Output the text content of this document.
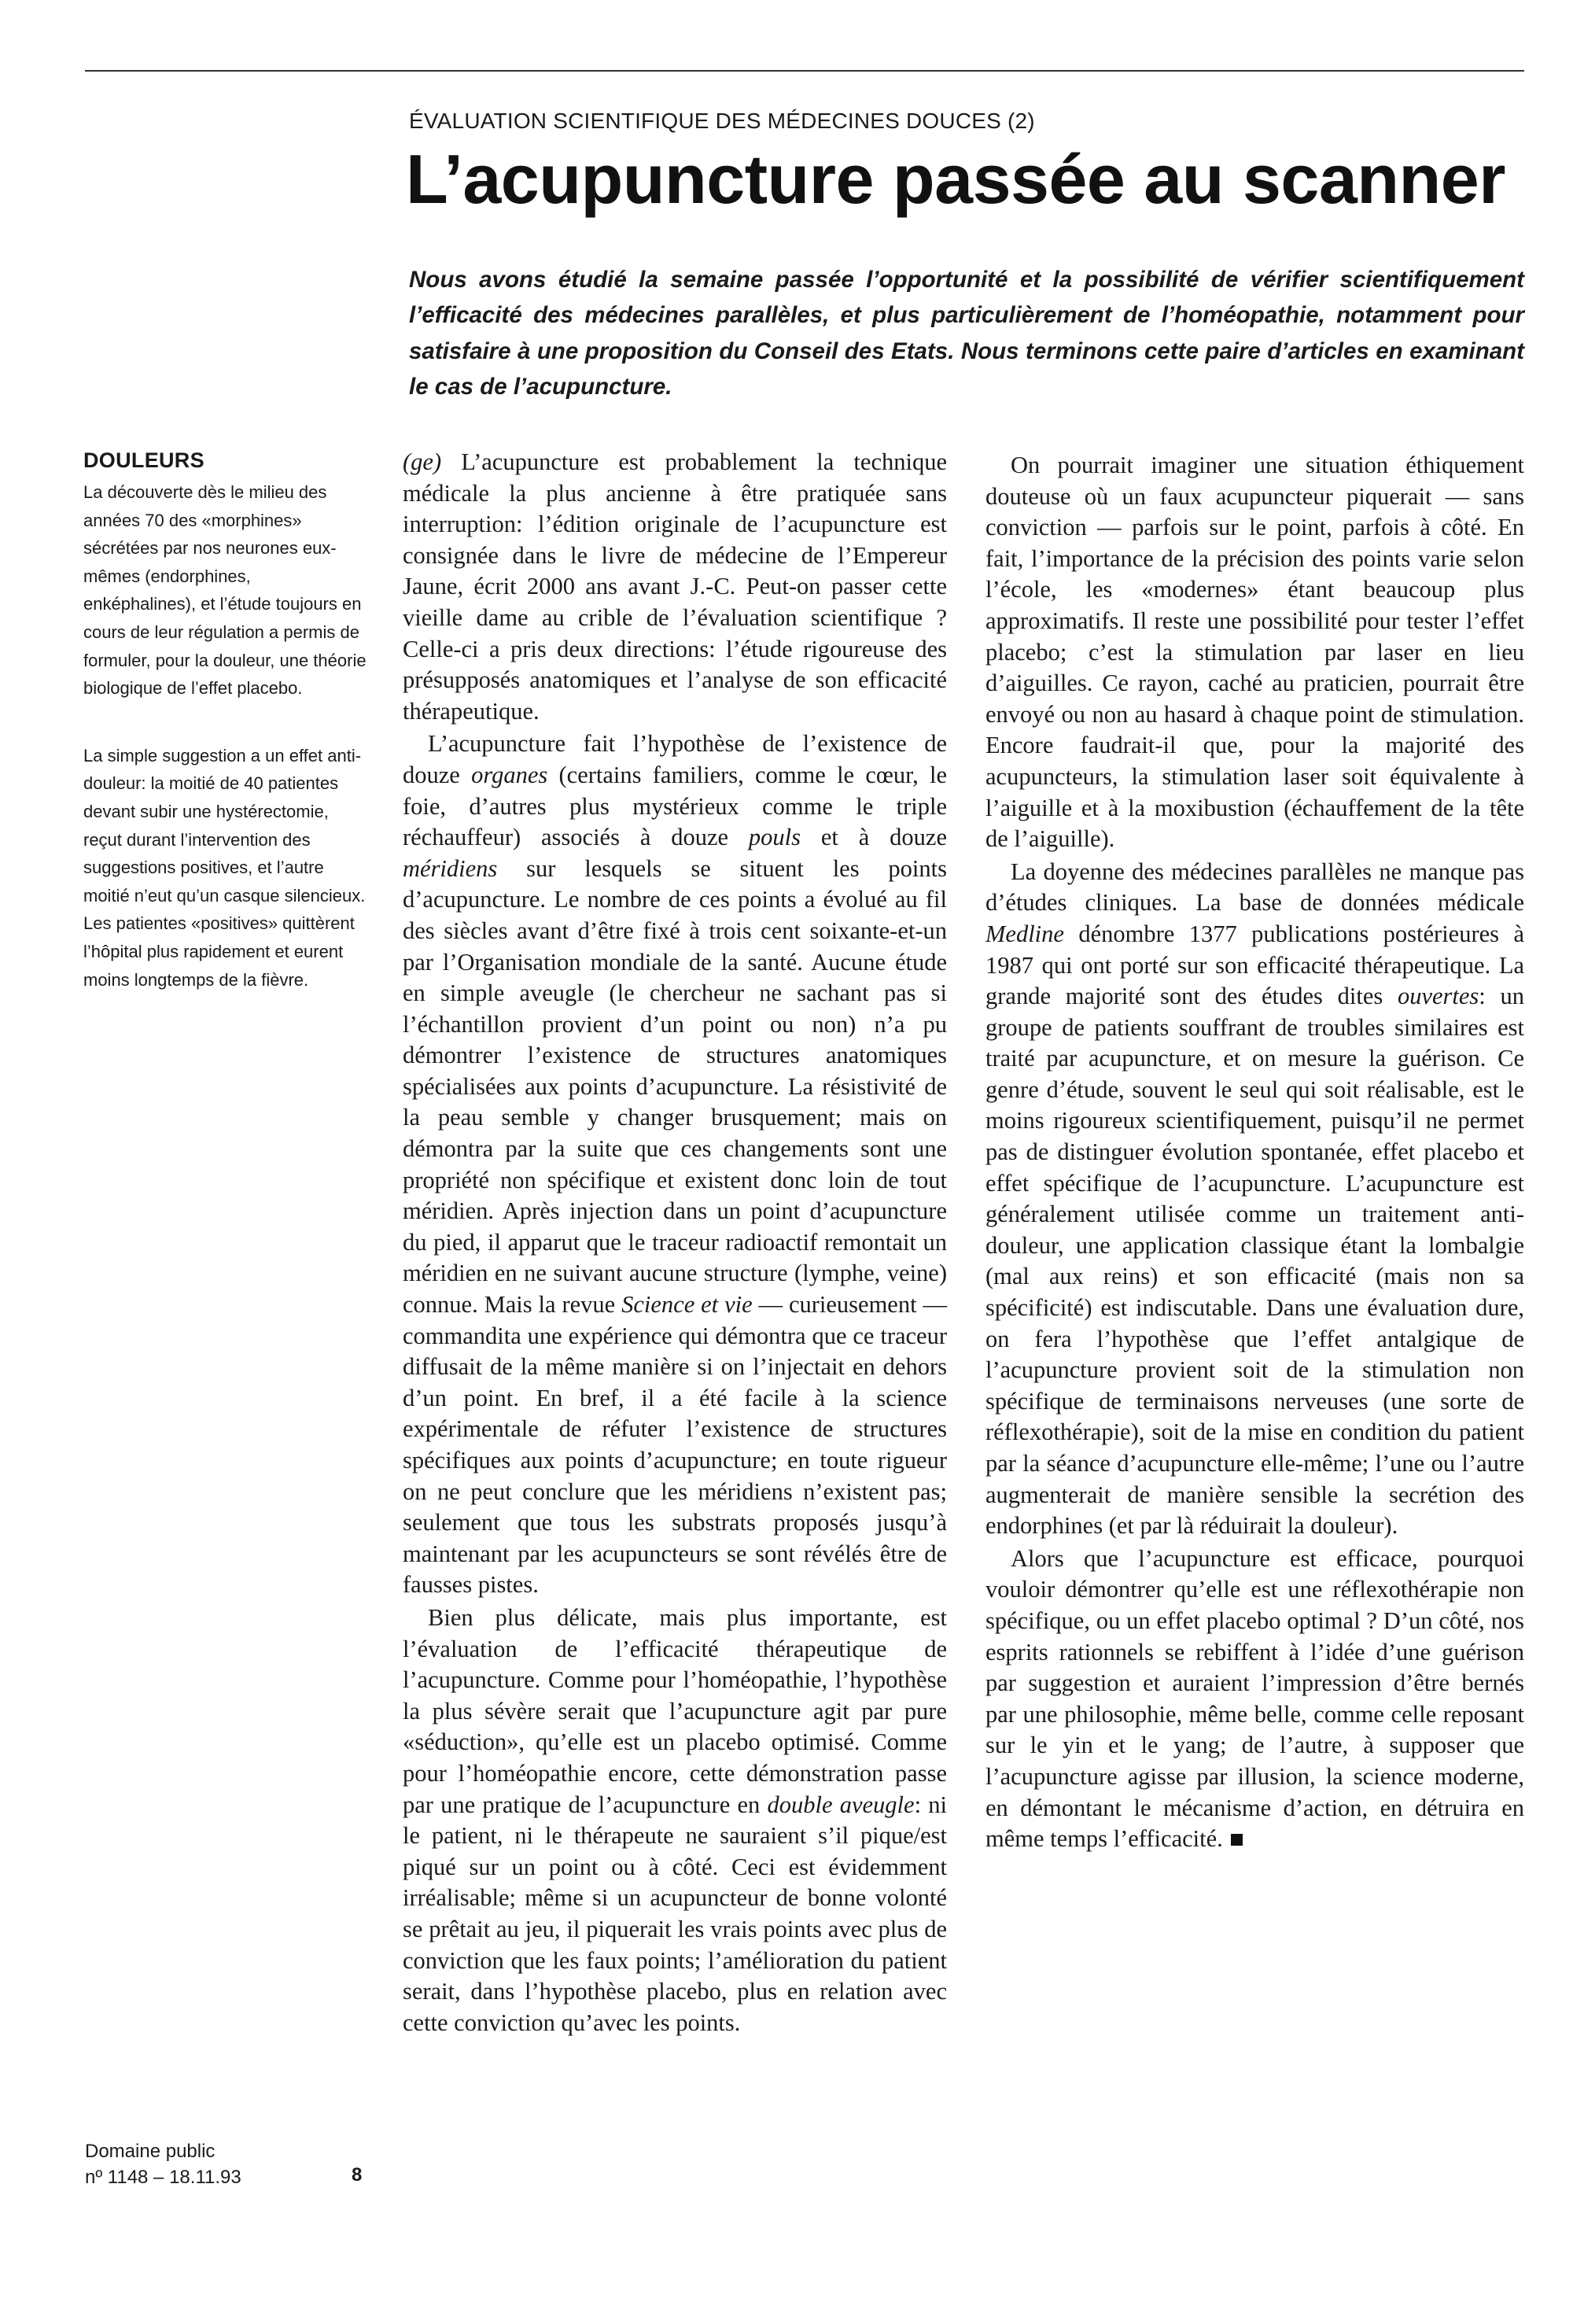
ÉVALUATION SCIENTIFIQUE DES MÉDECINES DOUCES (2)
L’acupuncture passée au scanner

Nous avons étudié la semaine passée l’opportunité et la possibilité de vérifier scientifiquement l’efficacité des médecines parallèles, et plus particulièrement de l’homéopathie, notamment pour satisfaire à une proposition du Conseil des Etats. Nous terminons cette paire d’articles en examinant le cas de l’acupuncture.

DOULEURS

La découverte dès le milieu des années 70 des «morphines» sécrétées par nos neurones eux-mêmes (endorphines, enképhalines), et l’étude toujours en cours de leur régulation a permis de formuler, pour la douleur, une théorie biologique de l’effet placebo.

La simple suggestion a un effet anti-douleur: la moitié de 40 patientes devant subir une hystérectomie, reçut durant l’intervention des suggestions positives, et l’autre moitié n’eut qu’un casque silencieux. Les patientes «positives» quittèrent l’hôpital plus rapidement et eurent moins longtemps de la fièvre.

Domaine public
nº 1148 – 18.11.93	8

(ge) L’acupuncture est probablement la technique médicale la plus ancienne à être pratiquée sans interruption: l’édition originale de l’acupuncture est consignée dans le livre de médecine de l’Empereur Jaune, écrit 2000 ans avant J.-C. Peut-on passer cette vieille dame au crible de l’évaluation scientifique ? Celle-ci a pris deux directions: l’étude rigoureuse des présupposés anatomiques et l’analyse de son efficacité thérapeutique.

L’acupuncture fait l’hypothèse de l’existence de douze organes (certains familiers, comme le cœur, le foie, d’autres plus mystérieux comme le triple réchauffeur) associés à douze pouls et à douze méridiens sur lesquels se situent les points d’acupuncture. Le nombre de ces points a évolué au fil des siècles avant d’être fixé à trois cent soixante-et-un par l’Organisation mondiale de la santé. Aucune étude en simple aveugle (le chercheur ne sachant pas si l’échantillon provient d’un point ou non) n’a pu démontrer l’existence de structures anatomiques spécialisées aux points d’acupuncture. La résistivité de la peau semble y changer brusquement; mais on démontra par la suite que ces changements sont une propriété non spécifique et existent donc loin de tout méridien. Après injection dans un point d’acupuncture du pied, il apparut que le traceur radioactif remontait un méridien en ne suivant aucune structure (lymphe, veine) connue. Mais la revue Science et vie — curieusement — commandita une expérience qui démontra que ce traceur diffusait de la même manière si on l’injectait en dehors d’un point. En bref, il a été facile à la science expérimentale de réfuter l’existence de structures spécifiques aux points d’acupuncture; en toute rigueur on ne peut conclure que les méridiens n’existent pas; seulement que tous les substrats proposés jusqu’à maintenant par les acupuncteurs se sont révélés être de fausses pistes.

Bien plus délicate, mais plus importante, est l’évaluation de l’efficacité thérapeutique de l’acupuncture. Comme pour l’homéopathie, l’hypothèse la plus sévère serait que l’acupuncture agit par pure «séduction», qu’elle est un placebo optimisé. Comme pour l’homéopathie encore, cette démonstration passe par une pratique de l’acupuncture en double aveugle: ni le patient, ni le thérapeute ne sauraient s’il pique/est piqué sur un point ou à côté. Ceci est évidemment irréalisable; même si un acupuncteur de bonne volonté se prêtait au jeu, il piquerait les vrais points avec plus de conviction que les faux points; l’amélioration du patient serait, dans l’hypothèse placebo, plus en relation avec cette conviction qu’avec les points.

On pourrait imaginer une situation éthiquement douteuse où un faux acupuncteur piquerait — sans conviction — parfois sur le point, parfois à côté. En fait, l’importance de la précision des points varie selon l’école, les «modernes» étant beaucoup plus approximatifs. Il reste une possibilité pour tester l’effet placebo; c’est la stimulation par laser en lieu d’aiguilles. Ce rayon, caché au praticien, pourrait être envoyé ou non au hasard à chaque point de stimulation. Encore faudrait-il que, pour la majorité des acupuncteurs, la stimulation laser soit équivalente à l’aiguille et à la moxibustion (échauffement de la tête de l’aiguille).

La doyenne des médecines parallèles ne manque pas d’études cliniques. La base de données médicale Medline dénombre 1377 publications postérieures à 1987 qui ont porté sur son efficacité thérapeutique. La grande majorité sont des études dites ouvertes: un groupe de patients souffrant de troubles similaires est traité par acupuncture, et on mesure la guérison. Ce genre d’étude, souvent le seul qui soit réalisable, est le moins rigoureux scientifiquement, puisqu’il ne permet pas de distinguer évolution spontanée, effet placebo et effet spécifique de l’acupuncture. L’acupuncture est généralement utilisée comme un traitement anti-douleur, une application classique étant la lombalgie (mal aux reins) et son efficacité (mais non sa spécificité) est indiscutable. Dans une évaluation dure, on fera l’hypothèse que l’effet antalgique de l’acupuncture provient soit de la stimulation non spécifique de terminaisons nerveuses (une sorte de réflexothérapie), soit de la mise en condition du patient par la séance d’acupuncture elle-même; l’une ou l’autre augmenterait de manière sensible la secrétion des endorphines (et par là réduirait la douleur).

Alors que l’acupuncture est efficace, pourquoi vouloir démontrer qu’elle est une réflexothérapie non spécifique, ou un effet placebo optimal ? D’un côté, nos esprits rationnels se rebiffent à l’idée d’une guérison par suggestion et auraient l’impression d’être bernés par une philosophie, même belle, comme celle reposant sur le yin et le yang; de l’autre, à supposer que l’acupuncture agisse par illusion, la science moderne, en démontant le mécanisme d’action, en détruira en même temps l’efficacité.
